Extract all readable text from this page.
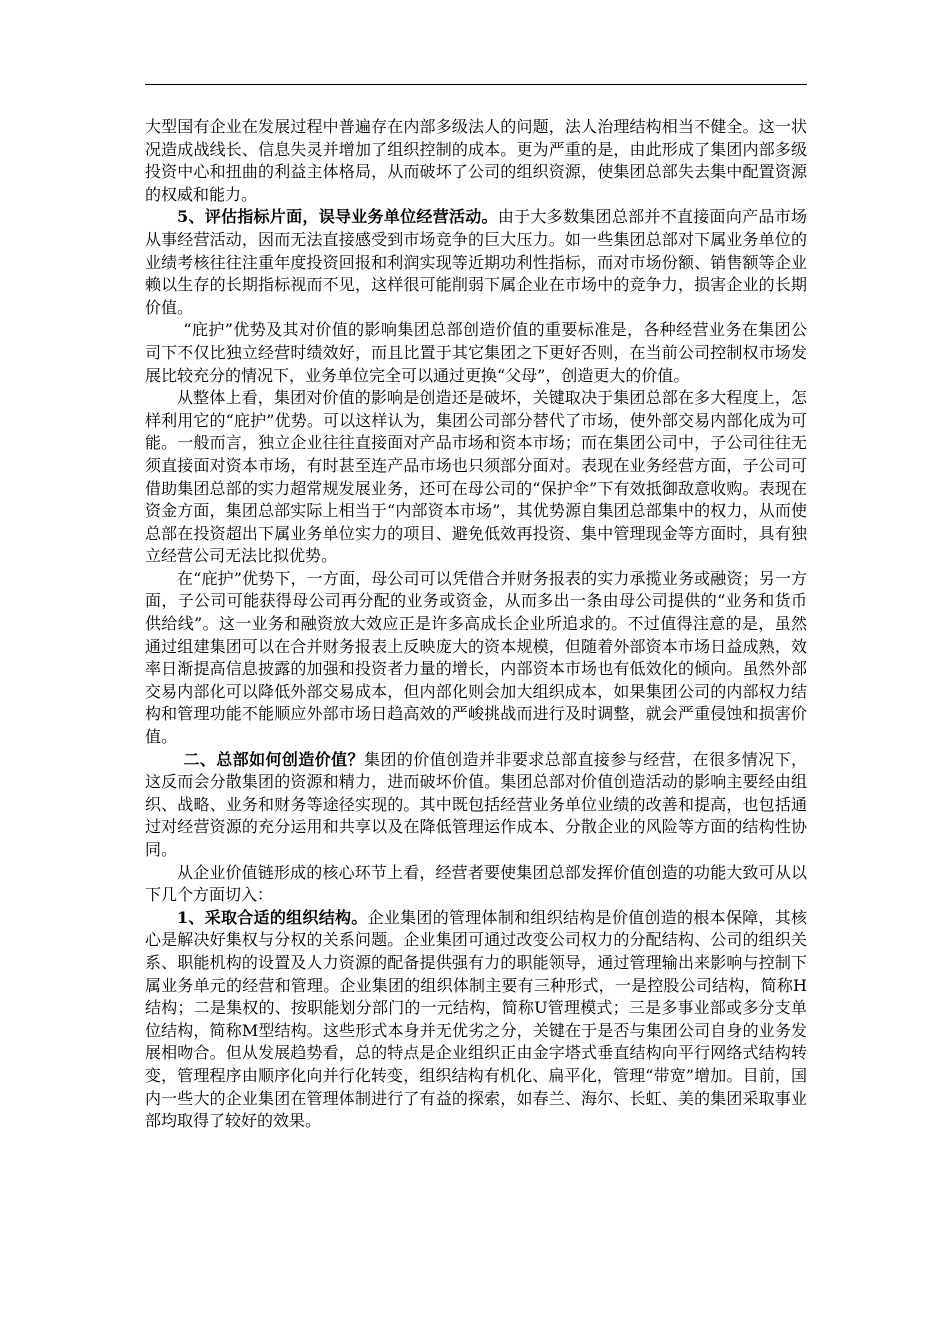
大型国有企业在发展过程中普遍存在内部多级法人的问题，法人治理结构相当不健全。这一状况造成战线长、信息失灵并增加了组织控制的成本。更为严重的是，由此形成了集团内部多级投资中心和扭曲的利益主体格局，从而破坏了公司的组织资源，使集团总部失去集中配置资源的权威和能力。

5、评估指标片面，误导业务单位经营活动。由于大多数集团总部并不直接面向产品市场从事经营活动，因而无法直接感受到市场竞争的巨大压力。如一些集团总部对下属业务单位的业绩考核往往注重年度投资回报和利润实现等近期功利性指标，而对市场份额、销售额等企业赖以生存的长期指标视而不见，这样很可能削弱下属企业在市场中的竞争力，损害企业的长期价值。

“庇护”优势及其对价值的影响集团总部创造价值的重要标准是，各种经营业务在集团公司下不仅比独立经营时绩效好，而且比置于其它集团之下更好否则，在当前公司控制权市场发展比较充分的情况下，业务单位完全可以通过更换“父母”，创造更大的价值。

从整体上看，集团对价值的影响是创造还是破坏，关键取决于集团总部在多大程度上，怎样利用它的“庇护”优势。可以这样认为，集团公司部分替代了市场，使外部交易内部化成为可能。一般而言，独立企业往往直接面对产品市场和资本市场；而在集团公司中，子公司往往无须直接面对资本市场，有时甚至连产品市场也只须部分面对。表现在业务经营方面，子公司可借助集团总部的实力超常规发展业务，还可在母公司的“保护伞”下有效抵御敌意收购。表现在资金方面，集团总部实际上相当于“内部资本市场”，其优势源自集团总部集中的权力，从而使总部在投资超出下属业务单位实力的项目、避免低效再投资、集中管理现金等方面时，具有独立经营公司无法比拟优势。

在“庇护”优势下，一方面，母公司可以凭借合并财务报表的实力承揽业务或融资；另一方面，子公司可能获得母公司再分配的业务或资金，从而多出一条由母公司提供的“业务和货币供给线”。这一业务和融资放大效应正是许多高成长企业所追求的。不过值得注意的是，虽然通过组建集团可以在合并财务报表上反映庞大的资本规模，但随着外部资本市场日益成熟，效率日渐提高信息披露的加强和投资者力量的增长，内部资本市场也有低效化的倾向。虽然外部交易内部化可以降低外部交易成本，但内部化则会加大组织成本，如果集团公司的内部权力结构和管理功能不能顺应外部市场日趋高效的严峻挑战而进行及时调整，就会严重侵蚀和损害价值。

二、总部如何创造价值？集团的价值创造并非要求总部直接参与经营，在很多情况下，这反而会分散集团的资源和精力，进而破坏价值。集团总部对价值创造活动的影响主要经由组织、战略、业务和财务等途径实现的。其中既包括经营业务单位业绩的改善和提高，也包括通过对经营资源的充分运用和共享以及在降低管理运作成本、分散企业的风险等方面的结构性协同。

从企业价值链形成的核心环节上看，经营者要使集团总部发挥价值创造的功能大致可从以下几个方面切入：

1、采取合适的组织结构。企业集团的管理体制和组织结构是价值创造的根本保障，其核心是解决好集权与分权的关系问题。企业集团可通过改变公司权力的分配结构、公司的组织关系、职能机构的设置及人力资源的配备提供强有力的职能领导，通过管理输出来影响与控制下属业务单元的经营和管理。企业集团的组织体制主要有三种形式，一是控股公司结构，简称H结构；二是集权的、按职能划分部门的一元结构，简称U管理模式；三是多事业部或多分支单位结构，简称M型结构。这些形式本身并无优劣之分，关键在于是否与集团公司自身的业务发展相吻合。但从发展趋势看，总的特点是企业组织正由金字塔式垂直结构向平行网络式结构转变，管理程序由顺序化向并行化转变，组织结构有机化、扁平化，管理“带宽”增加。目前，国内一些大的企业集团在管理体制进行了有益的探索，如春兰、海尔、长虹、美的集团采取事业部均取得了较好的效果。
